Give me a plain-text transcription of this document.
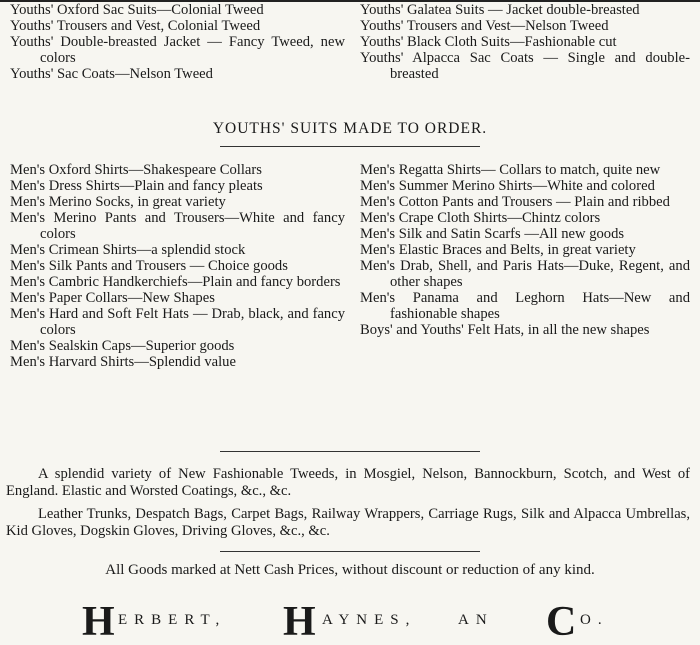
Youths' Oxford Sac Suits—Colonial Tweed
Youths' Trousers and Vest, Colonial Tweed
Youths' Double-breasted Jacket — Fancy Tweed, new colors
Youths' Sac Coats—Nelson Tweed
Youths' Galatea Suits — Jacket double-breasted
Youths' Trousers and Vest—Nelson Tweed
Youths' Black Cloth Suits—Fashionable cut
Youths' Alpacca Sac Coats — Single and double-breasted
YOUTHS' SUITS MADE TO ORDER.
Men's Oxford Shirts—Shakespeare Collars
Men's Dress Shirts—Plain and fancy pleats
Men's Merino Socks, in great variety
Men's Merino Pants and Trousers—White and fancy colors
Men's Crimean Shirts—a splendid stock
Men's Silk Pants and Trousers — Choice goods
Men's Cambric Handkerchiefs—Plain and fancy borders
Men's Paper Collars—New Shapes
Men's Hard and Soft Felt Hats — Drab, black, and fancy colors
Men's Sealskin Caps—Superior goods
Men's Harvard Shirts—Splendid value
Men's Regatta Shirts— Collars to match, quite new
Men's Summer Merino Shirts—White and colored
Men's Cotton Pants and Trousers — Plain and ribbed
Men's Crape Cloth Shirts—Chintz colors
Men's Silk and Satin Scarfs —All new goods
Men's Elastic Braces and Belts, in great variety
Men's Drab, Shell, and Paris Hats—Duke, Regent, and other shapes
Men's Panama and Leghorn Hats—New and fashionable shapes
Boys' and Youths' Felt Hats, in all the new shapes
A splendid variety of New Fashionable Tweeds, in Mosgiel, Nelson, Bannockburn, Scotch, and West of England. Elastic and Worsted Coatings, &c., &c.
Leather Trunks, Despatch Bags, Carpet Bags, Railway Wrappers, Carriage Rugs, Silk and Alpacca Umbrellas, Kid Gloves, Dogskin Gloves, Driving Gloves, &c., &c.
All Goods marked at Nett Cash Prices, without discount or reduction of any kind.
H ERBERT, H AYNES,	AN C O.
